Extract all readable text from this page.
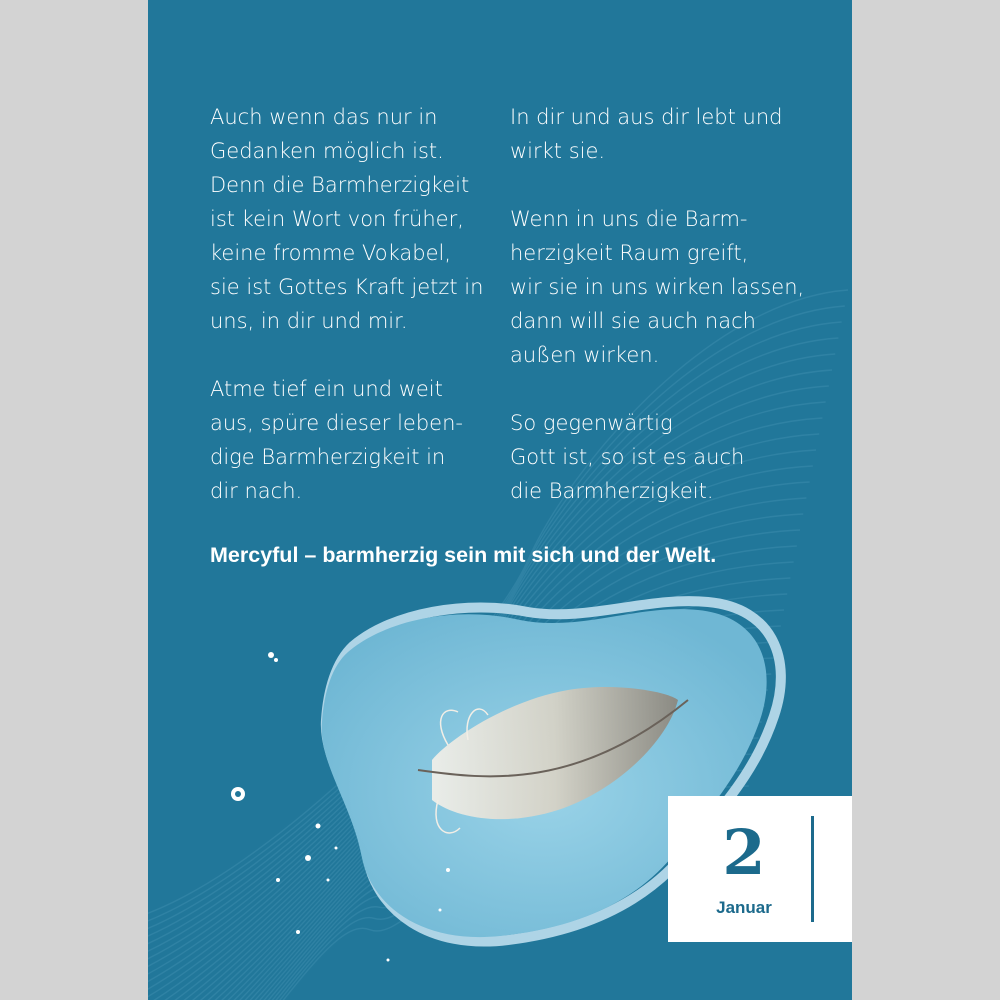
Auch wenn das nur in
Gedanken möglich ist.
Denn die Barmherzigkeit
ist kein Wort von früher,
keine fromme Vokabel,
sie ist Gottes Kraft jetzt in
uns, in dir und mir.

Atme tief ein und weit
aus, spüre dieser leben-
dige Barmherzigkeit in
dir nach.

In dir und aus dir lebt und
wirkt sie.

Wenn in uns die Barm-
herzigkeit Raum greift,
wir sie in uns wirken lassen,
dann will sie auch nach
außen wirken.

So gegenwärtig
Gott ist, so ist es auch
die Barmherzigkeit.

Mercyful – barmherzig sein mit sich und der Welt.

2
Januar
